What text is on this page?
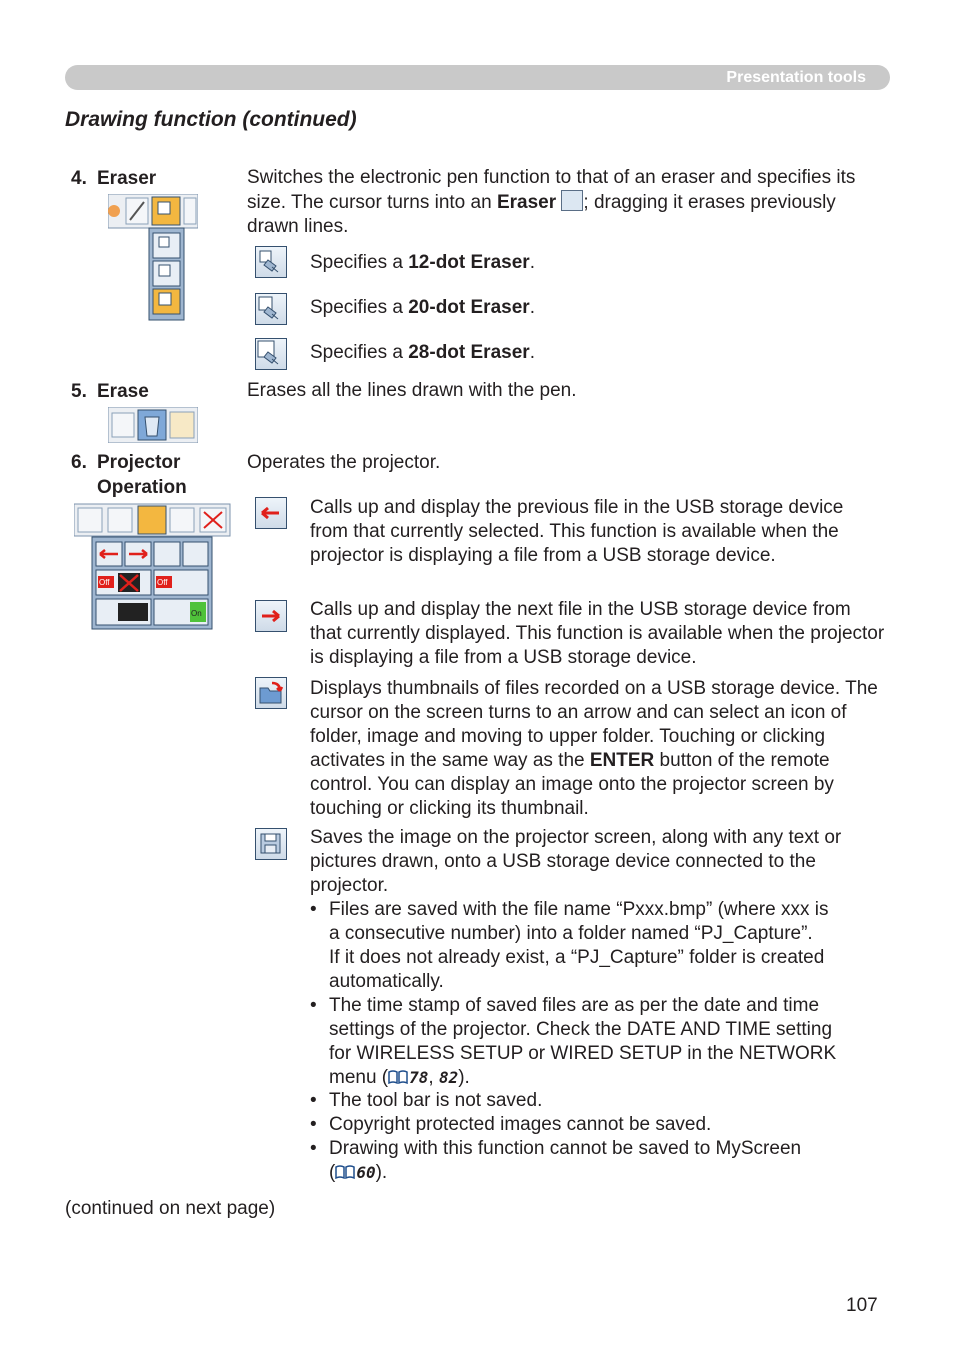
Presentation tools
Drawing function (continued)
4. Eraser	Switches the electronic pen function to that of an eraser and specifies its size. The cursor turns into an Eraser ; dragging it erases previously drawn lines.
Specifies a 12-dot Eraser.
Specifies a 20-dot Eraser.
Specifies a 28-dot Eraser.
5. Erase	Erases all the lines drawn with the pen.
6. Projector
Operation
Operates the projector.
Off	Off
On
Calls up and display the previous file in the USB storage device from that currently selected. This function is available when the projector is displaying a file from a USB storage device.
Calls up and display the next file in the USB storage device from that currently displayed. This function is available when the projector is displaying a file from a USB storage device.
Displays thumbnails of files recorded on a USB storage device. The cursor on the screen turns to an arrow and can select an icon of folder, image and moving to upper folder. Touching or clicking activates in the same way as the ENTER button of the remote control. You can display an image onto the projector screen by touching or clicking its thumbnail.
Saves the image on the projector screen, along with any text or pictures drawn, onto a USB storage device connected to the projector.
• Files are saved with the file name “Pxxx.bmp” (where xxx is
a consecutive number) into a folder named “PJ_Capture”.
If it does not already exist, a “PJ_Capture” folder is created
automatically.
• The time stamp of saved files are as per the date and time
settings of the projector. Check the DATE AND TIME setting
for WIRELESS SETUP or WIRED SETUP in the NETWORK
menu ( 78, 82).
• The tool bar is not saved.
• Copyright protected images cannot be saved.
• Drawing with this function cannot be saved to MyScreen
( 60).
(continued on next page)
107
